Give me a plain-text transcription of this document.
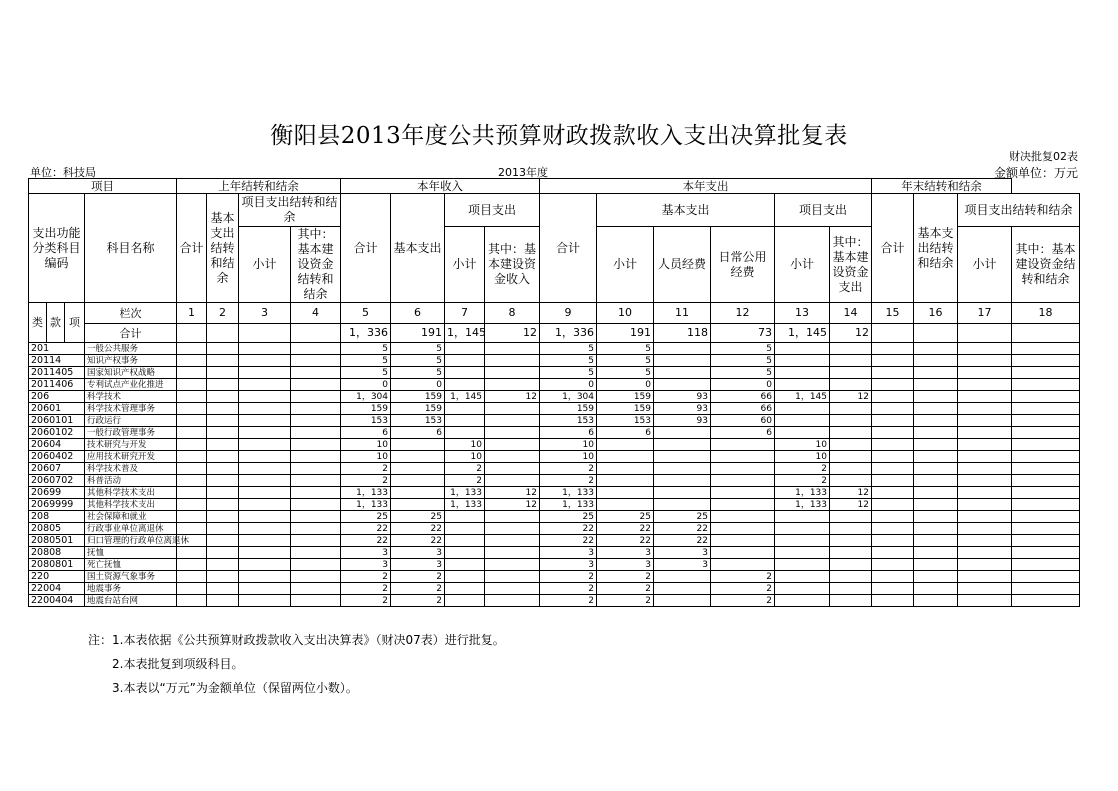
衡阳县2013年度公共预算财政拨款收入支出决算批复表
财决批复02表
单位：科技局	2013年度	金额单位：万元
项目				上年结转和结余				本年收入				本年支出						年末结转和结余			
支出功能分类科目编码			科目名称	合计	基本支出结转和结余	项目支出结转和结余		合计	基本支出	项目支出		合计	基本支出			项目支出		合计	基本支出结转和结余	项目支出结转和结余	
						小计	其中：基本建设资金结转和结余			小计	其中：基本建设资金收入		小计	人员经费	日常公用经费	小计	其中：基本建设资金支出			小计	其中：基本建设资金结转和结余
类	款	项	栏次	1	2	3	4	5	6	7	8	9	10	11	12	13	14	15	16	17	18
			合计					1，336	191	1，145	12	1，336	191	118	73	1，145	12				
201			一般公共服务					5	5			5	5		5						
20114			知识产权事务					5	5			5	5		5						
2011405			国家知识产权战略					5	5			5	5		5						
2011406			专利试点产业化推进					0	0			0	0		0						
206			科学技术					1，304	159	1，145	12	1，304	159	93	66	1，145	12				
20601			科学技术管理事务					159	159			159	159	93	66						
2060101			行政运行					153	153			153	153	93	60						
2060102			一般行政管理事务					6	6			6	6		6						
20604			技术研究与开发					10		10		10				10					
2060402			应用技术研究开发					10		10		10				10					
20607			科学技术普及					2		2		2				2					
2060702			科普活动					2		2		2				2					
20699			其他科学技术支出					1，133		1，133	12	1，133				1，133	12				
2069999			其他科学技术支出					1，133		1，133	12	1，133				1，133	12				
208			社会保障和就业					25	25			25	25	25							
20805			行政事业单位离退休					22	22			22	22	22							
2080501			归口管理的行政单位离退休					22	22			22	22	22							
20808			抚恤					3	3			3	3	3							
2080801			死亡抚恤					3	3			3	3	3							
220			国土资源气象事务					2	2			2	2		2						
22004			地震事务					2	2			2	2		2						
2200404			地震台站台网					2	2			2	2		2						
注：1.本表依据《公共预算财政拨款收入支出决算表》（财决07表）进行批复。
2.本表批复到项级科目。
3.本表以“万元”为金额单位（保留两位小数）。
